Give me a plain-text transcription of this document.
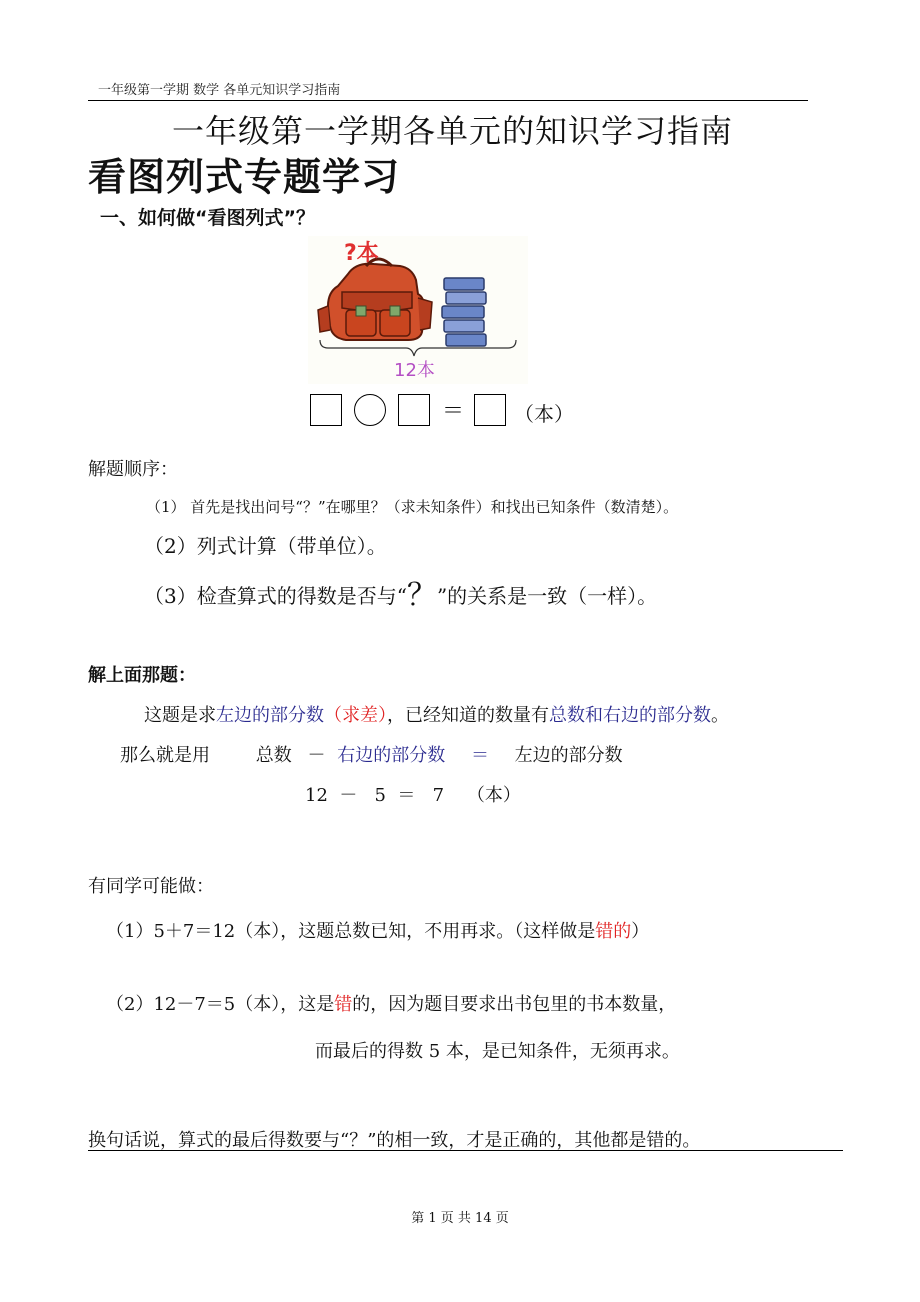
一年级第一学期 数学 各单元知识学习指南
一年级第一学期各单元的知识学习指南
看图列式专题学习
一、如何做“看图列式”？
?本
12本
＝ （本）
解题顺序：
（1） 首先是找出问号“？”在哪里？（求未知条件）和找出已知条件（数清楚）。
（2）列式计算（带单位）。
（3）检查算式的得数是否与“？”的关系是一致（一样）。
解上面那题：
这题是求左边的部分数（求差），已经知道的数量有总数和右边的部分数。
那么就是用	总数 － 右边的部分数 ＝ 左边的部分数
12  －   5  ＝   7    （本）
有同学可能做：
（1）5＋7＝12（本），这题总数已知，不用再求。（这样做是错的）
（2）12－7＝5（本），这是错的，因为题目要求出书包里的书本数量，
而最后的得数 5 本，是已知条件，无须再求。
换句话说，算式的最后得数要与“？”的相一致，才是正确的，其他都是错的。
第 1 页 共 14 页
